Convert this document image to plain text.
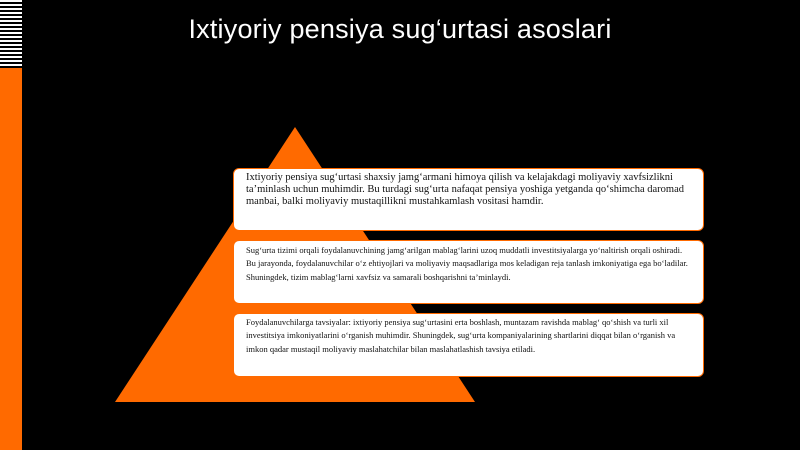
Ixtiyoriy pensiya sug‘urtasi asoslari
Ixtiyoriy pensiya sug‘urtasi shaxsiy jamg‘armani himoya qilish va kelajakdagi moliyaviy xavfsizlikni ta’minlash uchun muhimdir. Bu turdagi sug‘urta nafaqat pensiya yoshiga yetganda qo‘shimcha daromad manbai, balki moliyaviy mustaqillikni mustahkamlash vositasi hamdir.
Sug‘urta tizimi orqali foydalanuvchining jamg‘arilgan mablag‘larini uzoq muddatli investitsiyalarga yo‘naltirish orqali oshiradi. Bu jarayonda, foydalanuvchilar o‘z ehtiyojlari va moliyaviy maqsadlariga mos keladigan reja tanlash imkoniyatiga ega bo‘ladilar. Shuningdek, tizim mablag‘larni xavfsiz va samarali boshqarishni ta’minlaydi.
Foydalanuvchilarga tavsiyalar: ixtiyoriy pensiya sug‘urtasini erta boshlash, muntazam ravishda mablag‘ qo‘shish va turli xil investitsiya imkoniyatlarini o‘rganish muhimdir. Shuningdek, sug‘urta kompaniyalarining shartlarini diqqat bilan o‘rganish va imkon qadar mustaqil moliyaviy maslahatchilar bilan maslahatlashish tavsiya etiladi.
